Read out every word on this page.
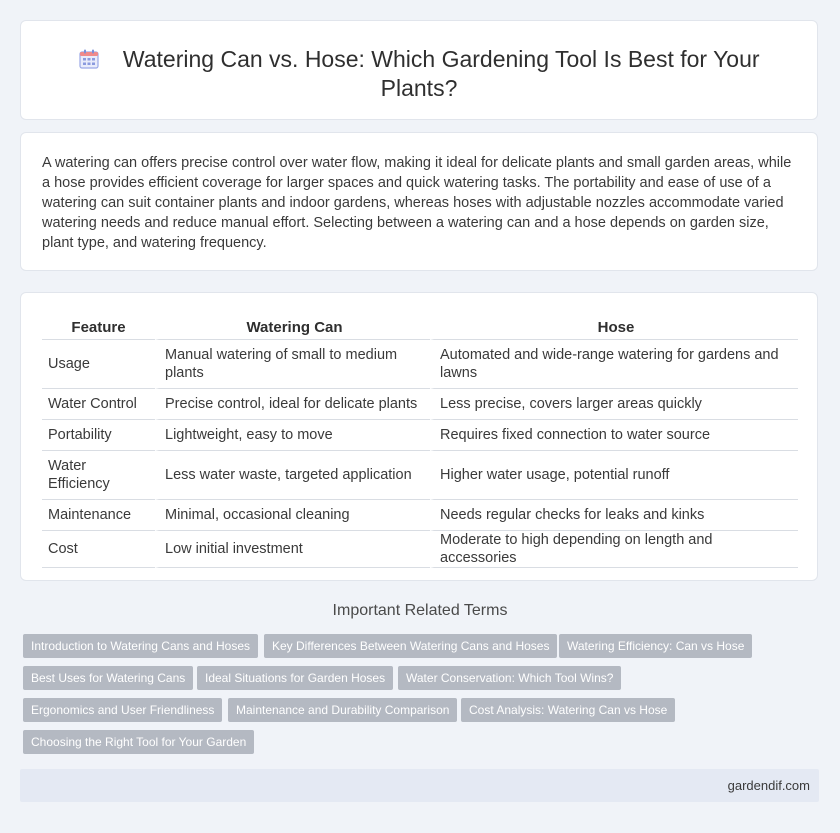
Watering Can vs. Hose: Which Gardening Tool Is Best for Your Plants?

A watering can offers precise control over water flow, making it ideal for delicate plants and small garden areas, while a hose provides efficient coverage for larger spaces and quick watering tasks. The portability and ease of use of a watering can suit container plants and indoor gardens, whereas hoses with adjustable nozzles accommodate varied watering needs and reduce manual effort. Selecting between a watering can and a hose depends on garden size, plant type, and watering frequency.

Feature	Watering Can	Hose
Usage	Manual watering of small to medium plants	Automated and wide-range watering for gardens and lawns
Water Control	Precise control, ideal for delicate plants	Less precise, covers larger areas quickly
Portability	Lightweight, easy to move	Requires fixed connection to water source
Water Efficiency	Less water waste, targeted application	Higher water usage, potential runoff
Maintenance	Minimal, occasional cleaning	Needs regular checks for leaks and kinks
Cost	Low initial investment	Moderate to high depending on length and accessories
Important Related Terms
Introduction to Watering Cans and Hoses	Key Differences Between Watering Cans and Hoses	Watering Efficiency: Can vs Hose
Best Uses for Watering Cans	Ideal Situations for Garden Hoses	Water Conservation: Which Tool Wins?
Ergonomics and User Friendliness	Maintenance and Durability Comparison	Cost Analysis: Watering Can vs Hose
Choosing the Right Tool for Your Garden
gardendif.com
